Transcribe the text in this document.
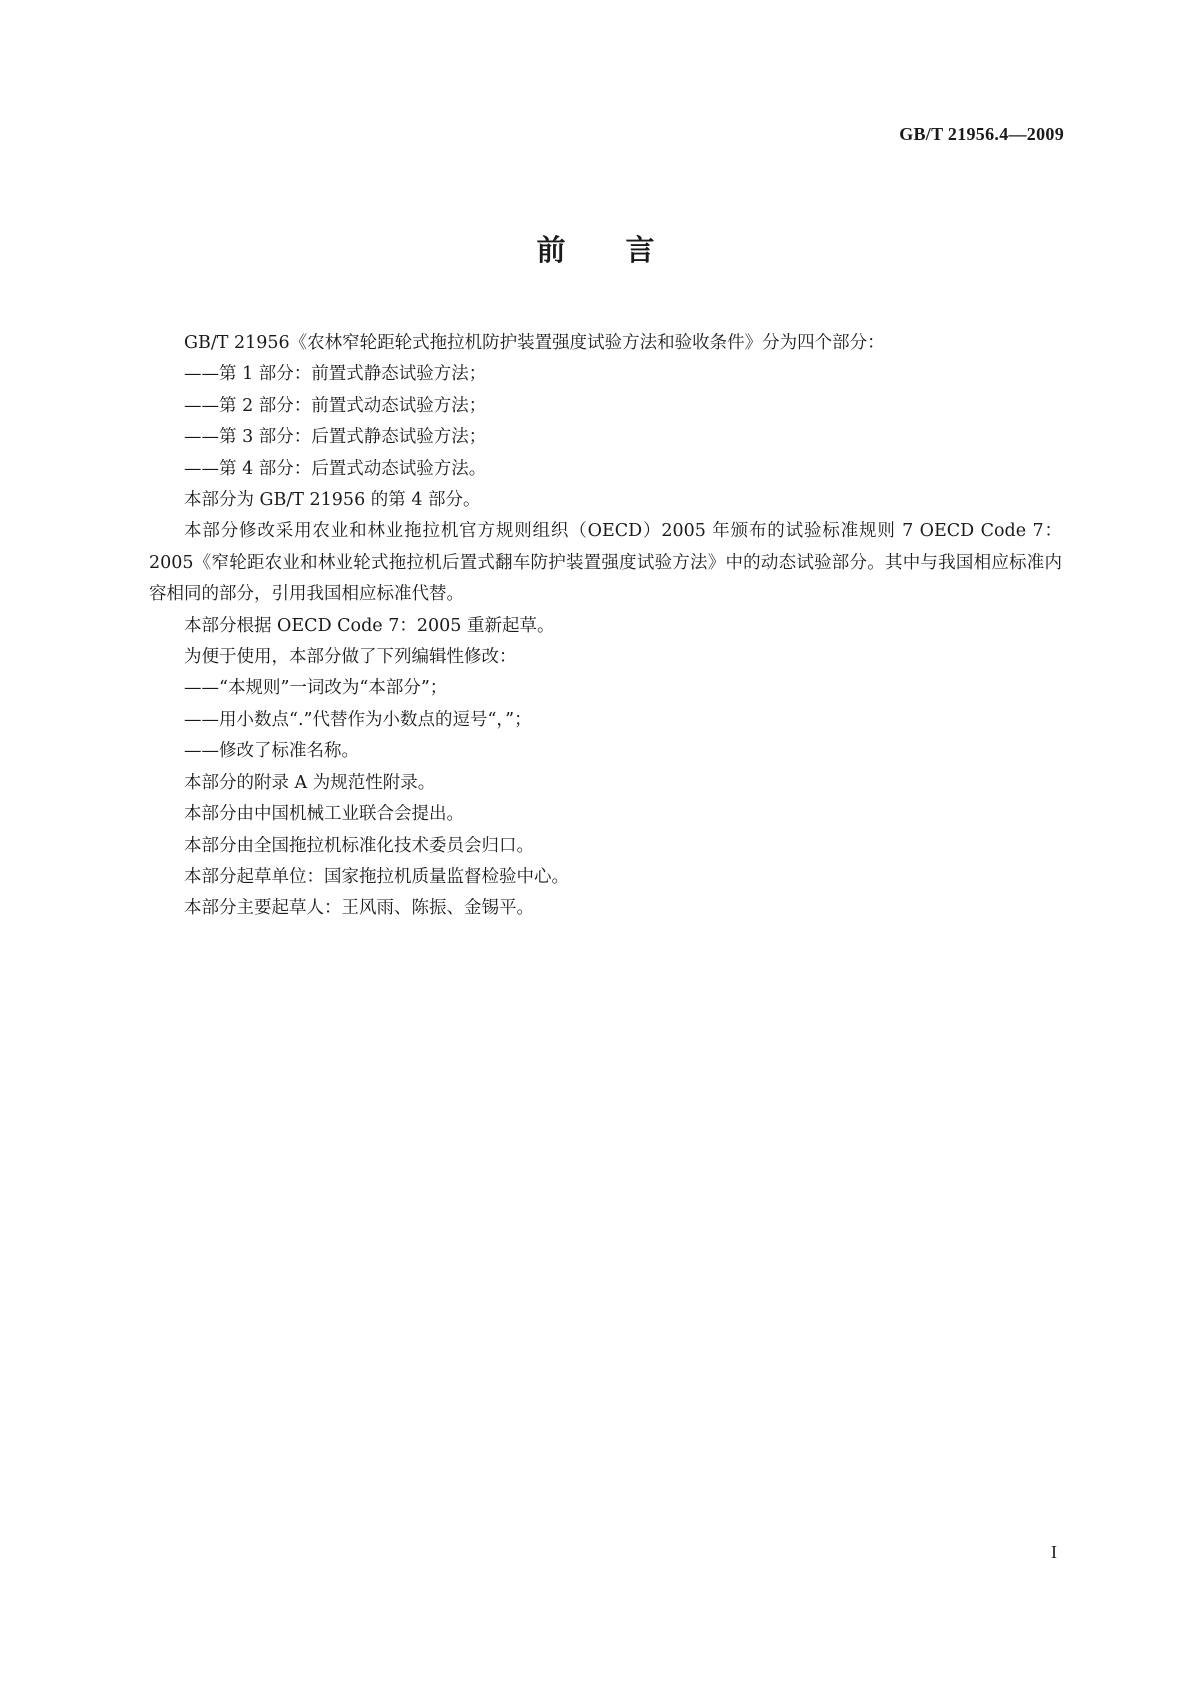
GB/T 21956.4—2009
前言

GB/T 21956《农林窄轮距轮式拖拉机防护装置强度试验方法和验收条件》分为四个部分：

——第 1 部分：前置式静态试验方法；

——第 2 部分：前置式动态试验方法；

——第 3 部分：后置式静态试验方法；

——第 4 部分：后置式动态试验方法。

本部分为 GB/T 21956 的第 4 部分。

本部分修改采用农业和林业拖拉机官方规则组织（OECD）2005 年颁布的试验标准规则 7 OECD Code 7：2005《窄轮距农业和林业轮式拖拉机后置式翻车防护装置强度试验方法》中的动态试验部分。其中与我国相应标准内容相同的部分，引用我国相应标准代替。

本部分根据 OECD Code 7：2005 重新起草。

为便于使用，本部分做了下列编辑性修改：

——“本规则”一词改为“本部分”；

——用小数点“.”代替作为小数点的逗号“，”；

——修改了标准名称。

本部分的附录 A 为规范性附录。

本部分由中国机械工业联合会提出。

本部分由全国拖拉机标准化技术委员会归口。

本部分起草单位：国家拖拉机质量监督检验中心。

本部分主要起草人：王风雨、陈振、金锡平。

I
